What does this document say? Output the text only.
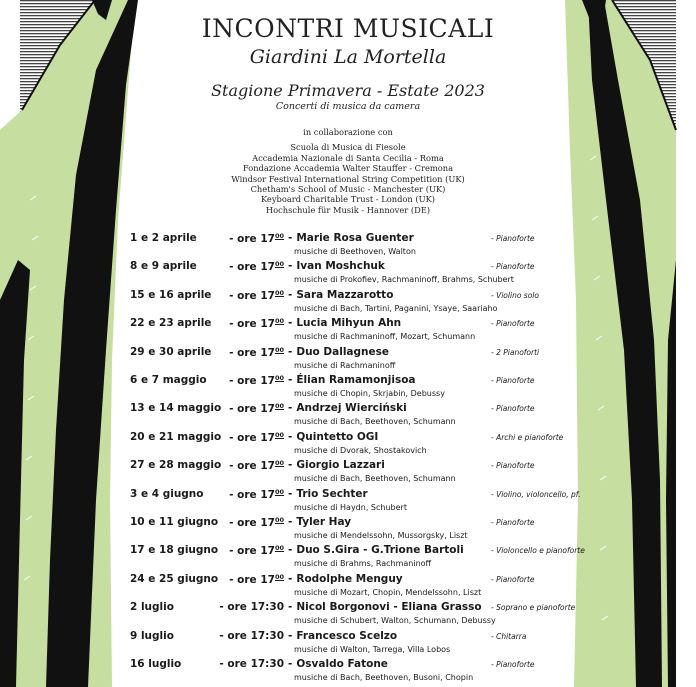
INCONTRI MUSICALI
Giardini La Mortella
Stagione Primavera - Estate 2023
Concerti di musica da camera
in collaborazione con
Scuola di Musica di Fiesole
Accademia Nazionale di Santa Cecilia - Roma
Fondazione Accademia Walter Stauffer - Cremona
Windsor Festival International String Competition (UK)
Chetham's School of Music - Manchester (UK)
Keyboard Charitable Trust - London (UK)
Hochschule für Musik - Hannover (DE)
1 e 2 aprile	- ore $17^{00}$ - Marie Rosa Guenter
musiche di Beethoven, Walton
- Pianoforte
8 e 9 aprile	- ore $17^{00}$ - Ivan Moshchuk
musiche di Prokofiev, Rachmaninoff, Brahms, Schubert
- Pianoforte
15 e 16 aprile	- ore $17^{00}$ - Sara Mazzarotto
musiche di Bach, Tartini, Paganini, Ysaye, Saariaho
- Violino solo
22 e 23 aprile	- ore $17^{00}$ - Lucia Mihyun Ahn
musiche di Rachmaninoff, Mozart, Schumann
- Pianoforte
29 e 30 aprile	- ore $17^{00}$ - Duo Dallagnese
musiche di Rachmaninoff
- 2 Pianoforti
6 e 7 maggio	- ore $17^{00}$ - Élian Ramamonjisoa
musiche di Chopin, Skrjabin, Debussy
- Pianoforte
13 e 14 maggio - ore $17^{00}$ - Andrzej Wierciński
musiche di Bach, Beethoven, Schumann
- Pianoforte
20 e 21 maggio - ore $17^{00}$ - Quintetto OGI
musiche di Dvorak, Shostakovich
- Archi e pianoforte
27 e 28 maggio - ore $17^{00}$ - Giorgio Lazzari
musiche di Bach, Beethoven, Schumann
- Pianoforte
3 e 4 giugno	- ore $17^{00}$ - Trio Sechter
musiche di Haydn, Schubert
- Violino, violoncello, pf.
10 e 11 giugno	- ore $17^{00}$ - Tyler Hay
musiche di Mendelssohn, Mussorgsky, Liszt
- Pianoforte
17 e 18 giugno	- ore $17^{00}$ - Duo S.Gira - G.Trione Bartoli
musiche di Brahms, Rachmaninoff
- Violoncello e pianoforte
24 e 25 giugno	- ore $17^{00}$ - Rodolphe Menguy
musiche di Mozart, Chopin, Mendelssohn, Liszt
- Pianoforte
2 luglio	- ore 17:30 - Nicol Borgonovi - Eliana Grasso
musiche di Schubert, Walton, Schumann, Debussy
- Soprano e pianoforte
9 luglio	- ore 17:30 - Francesco Scelzo
musiche di Walton, Tarrega, Villa Lobos
- Chitarra
16 luglio	- ore 17:30 - Osvaldo Fatone
musiche di Bach, Beethoven, Busoni, Chopin
- Pianoforte
